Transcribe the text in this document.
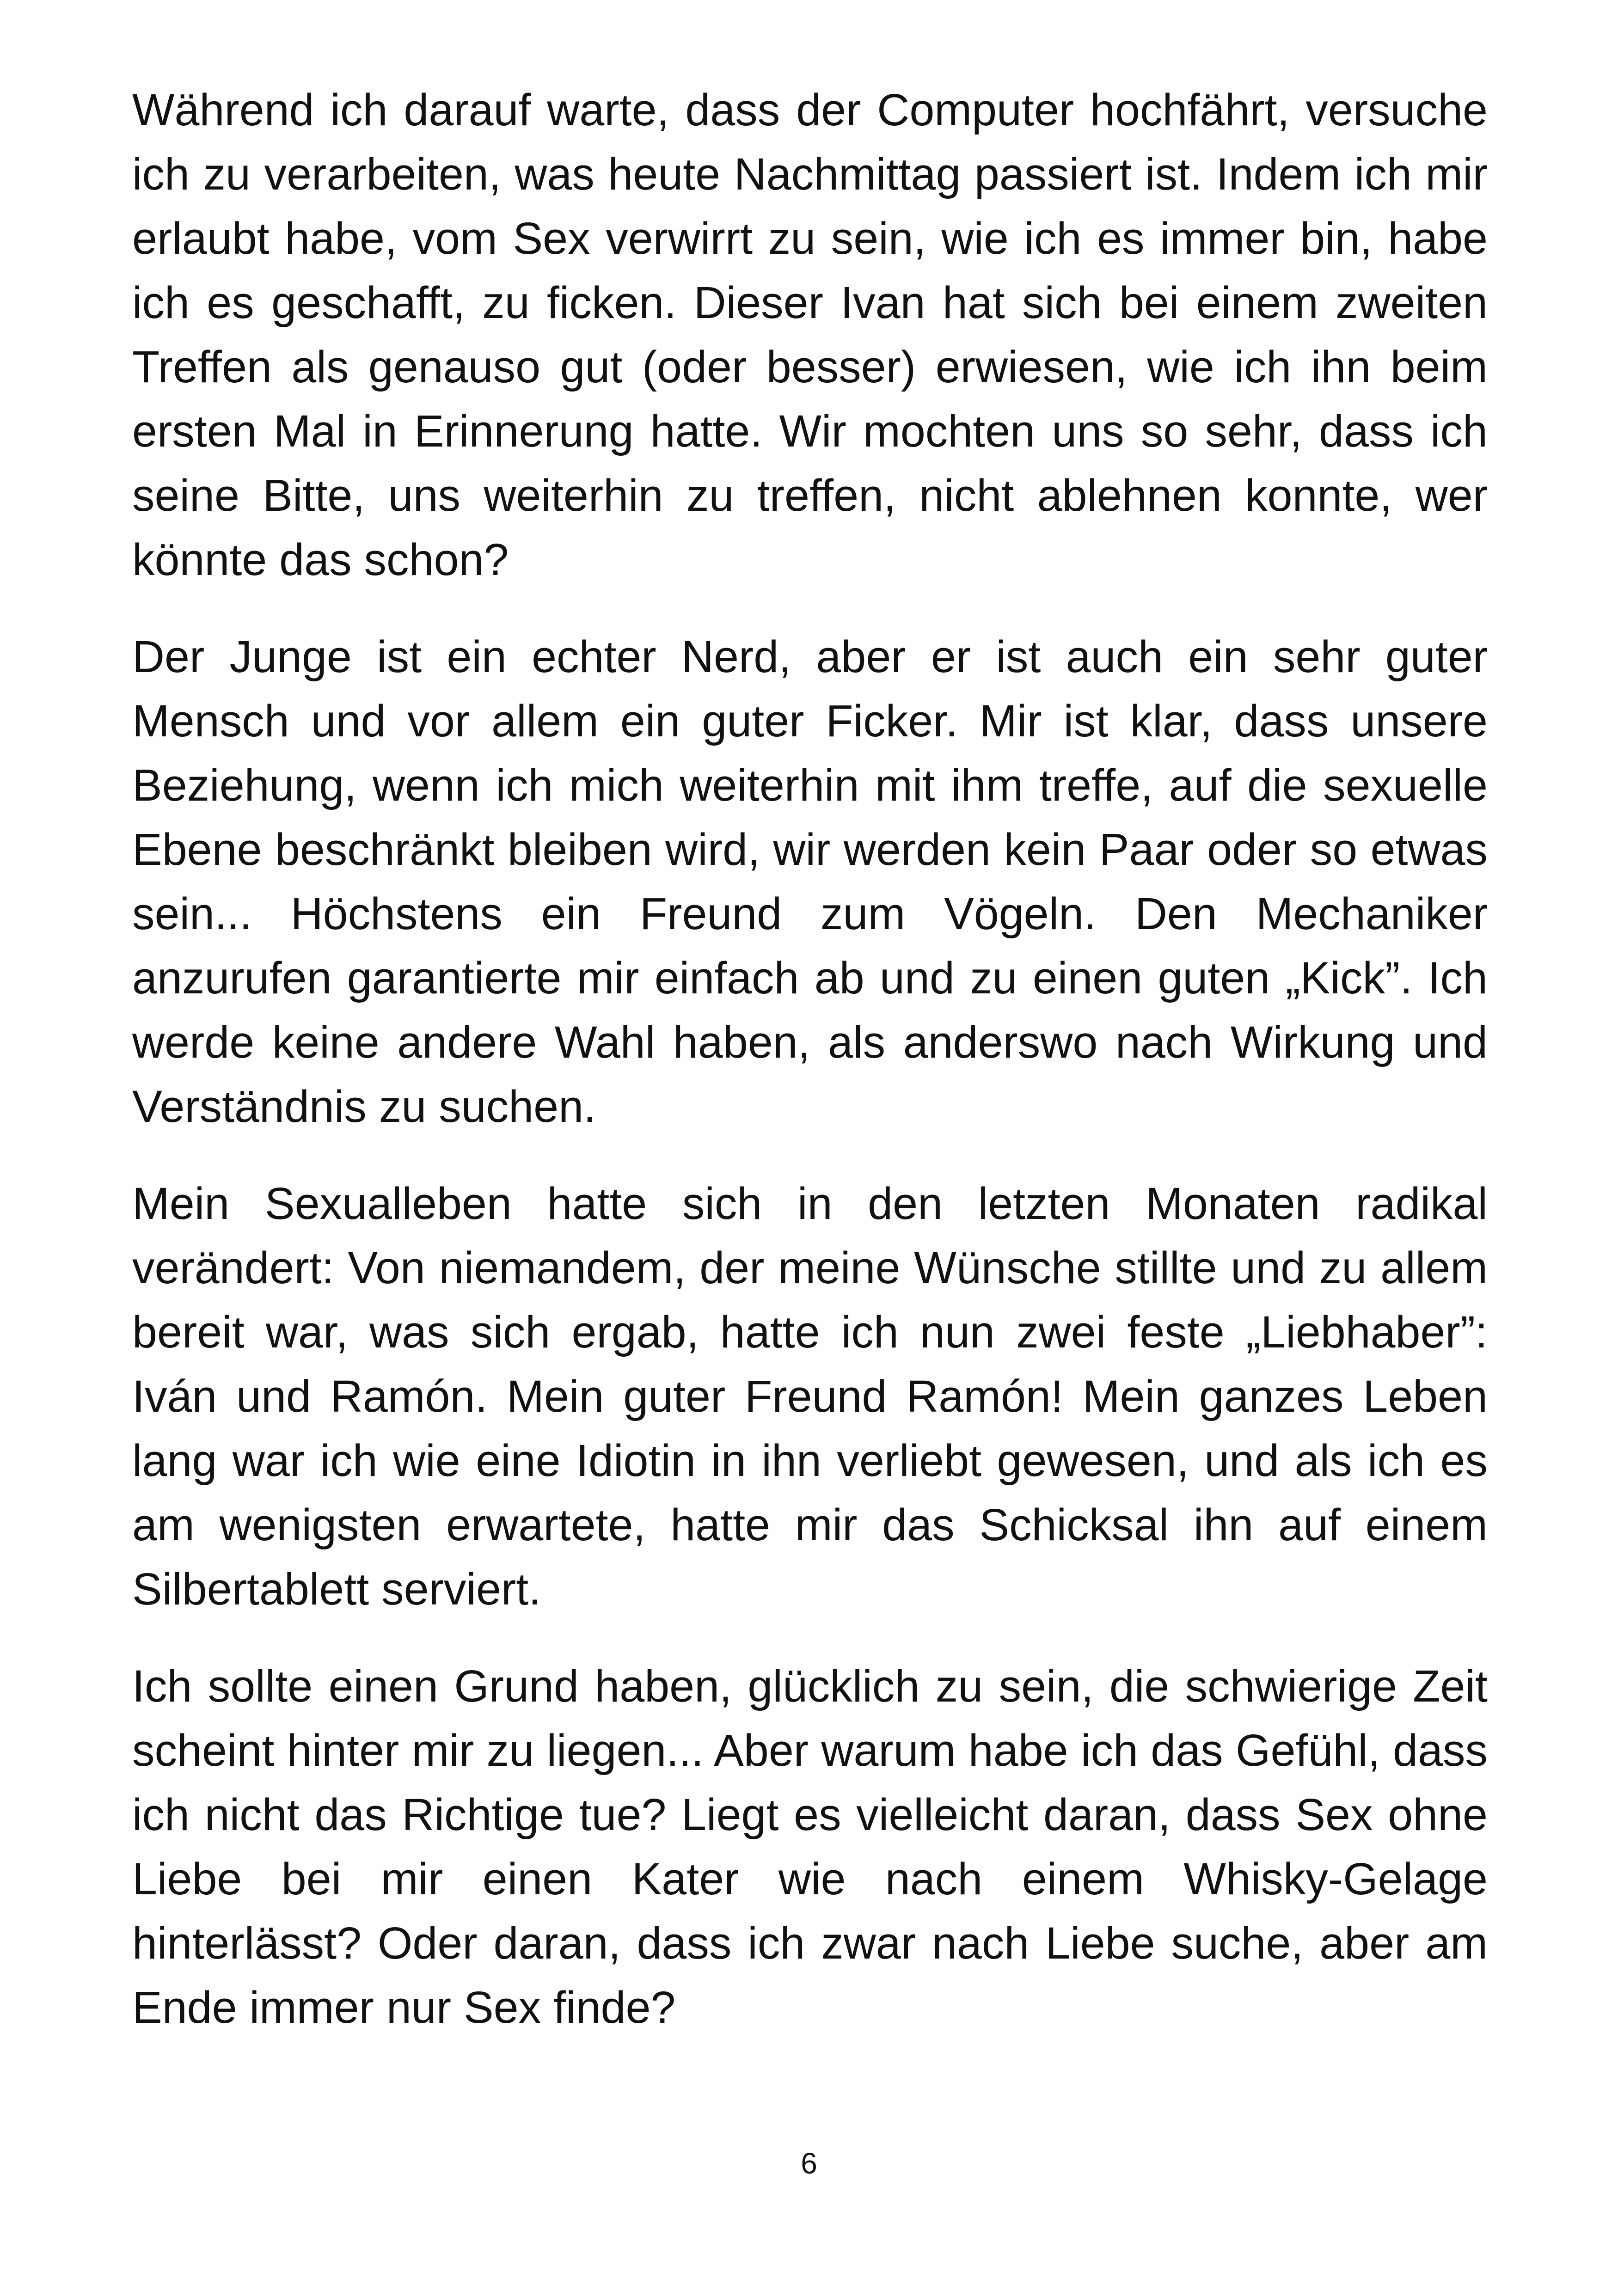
Während ich darauf warte, dass der Computer hochfährt, versuche ich zu verarbeiten, was heute Nachmittag passiert ist. Indem ich mir erlaubt habe, vom Sex verwirrt zu sein, wie ich es immer bin, habe ich es geschafft, zu ficken. Dieser Ivan hat sich bei einem zweiten Treffen als genauso gut (oder besser) erwiesen, wie ich ihn beim ersten Mal in Erinnerung hatte. Wir mochten uns so sehr, dass ich seine Bitte, uns weiterhin zu treffen, nicht ablehnen konnte, wer könnte das schon?

Der Junge ist ein echter Nerd, aber er ist auch ein sehr guter Mensch und vor allem ein guter Ficker. Mir ist klar, dass unsere Beziehung, wenn ich mich weiterhin mit ihm treffe, auf die sexuelle Ebene beschränkt bleiben wird, wir werden kein Paar oder so etwas sein... Höchstens ein Freund zum Vögeln. Den Mechaniker anzurufen garantierte mir einfach ab und zu einen guten „Kick”. Ich werde keine andere Wahl haben, als anderswo nach Wirkung und Verständnis zu suchen.

Mein Sexualleben hatte sich in den letzten Monaten radikal verändert: Von niemandem, der meine Wünsche stillte und zu allem bereit war, was sich ergab, hatte ich nun zwei feste „Liebhaber”: Iván und Ramón. Mein guter Freund Ramón! Mein ganzes Leben lang war ich wie eine Idiotin in ihn verliebt gewesen, und als ich es am wenigsten erwartete, hatte mir das Schicksal ihn auf einem Silbertablett serviert.

Ich sollte einen Grund haben, glücklich zu sein, die schwierige Zeit scheint hinter mir zu liegen... Aber warum habe ich das Gefühl, dass ich nicht das Richtige tue? Liegt es vielleicht daran, dass Sex ohne Liebe bei mir einen Kater wie nach einem Whisky-Gelage hinterlässt? Oder daran, dass ich zwar nach Liebe suche, aber am Ende immer nur Sex finde?

6
